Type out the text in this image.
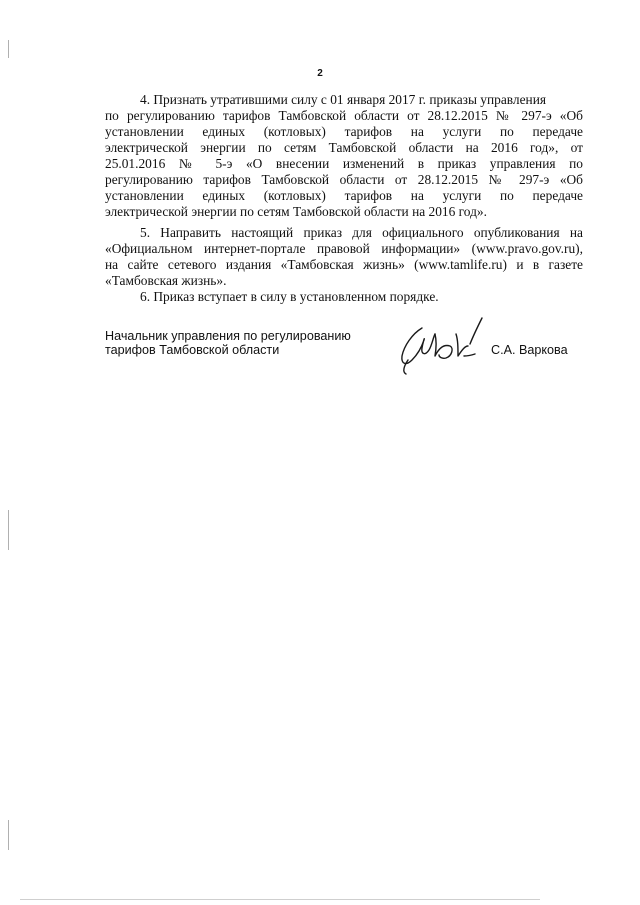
2
4. Признать утратившими силу с 01 января 2017 г. приказы управления
по регулированию тарифов Тамбовской области от 28.12.2015 № 297-э «Об
установлении единых (котловых) тарифов на услуги по передаче
электрической энергии по сетям Тамбовской области на 2016 год», от
25.01.2016 № 5-э «О внесении изменений в приказ управления по
регулированию тарифов Тамбовской области от 28.12.2015 № 297-э «Об
установлении единых (котловых) тарифов на услуги по передаче
электрической энергии по сетям Тамбовской области на 2016 год».
5. Направить настоящий приказ для официального опубликования на
«Официальном интернет-портале правовой информации» (www.pravo.gov.ru),
на сайте сетевого издания «Тамбовская жизнь» (www.tamlife.ru) и в газете
«Тамбовская жизнь».
6. Приказ вступает в силу в установленном порядке.
Начальник управления по регулированию
тарифов Тамбовской области	С.А. Варкова
